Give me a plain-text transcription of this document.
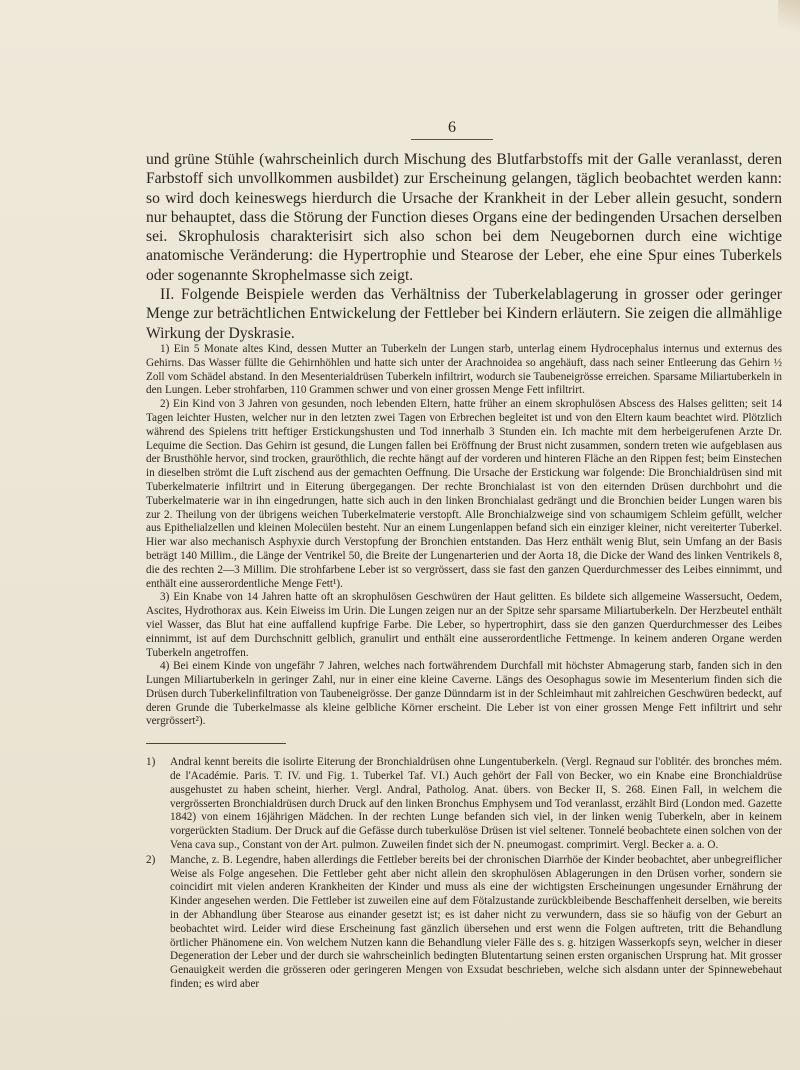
6

und grüne Stühle (wahrscheinlich durch Mischung des Blutfarbstoffs mit der Galle veranlasst, deren Farbstoff sich unvollkommen ausbildet) zur Erscheinung gelangen, täglich beobachtet werden kann: so wird doch keineswegs hierdurch die Ursache der Krankheit in der Leber allein gesucht, sondern nur behauptet, dass die Störung der Function dieses Organs eine der bedingenden Ursachen derselben sei. Skrophulosis charakterisirt sich also schon bei dem Neugebornen durch eine wichtige anatomische Veränderung: die Hypertrophie und Stearose der Leber, ehe eine Spur eines Tuberkels oder sogenannte Skrophelmasse sich zeigt.

II. Folgende Beispiele werden das Verhältniss der Tuberkelablagerung in grosser oder geringer Menge zur beträchtlichen Entwickelung der Fettleber bei Kindern erläutern. Sie zeigen die allmählige Wirkung der Dyskrasie.

1) Ein 5 Monate altes Kind, dessen Mutter an Tuberkeln der Lungen starb, unterlag einem Hydrocephalus internus und externus des Gehirns. Das Wasser füllte die Gehirnhöhlen und hatte sich unter der Arachnoidea so angehäuft, dass nach seiner Entleerung das Gehirn ½ Zoll vom Schädel abstand. In den Mesenterialdrüsen Tuberkeln infiltrirt, wodurch sie Taubeneigrösse erreichen. Sparsame Miliartuberkeln in den Lungen. Leber strohfarben, 110 Grammen schwer und von einer grossen Menge Fett infiltrirt.

2) Ein Kind von 3 Jahren von gesunden, noch lebenden Eltern, hatte früher an einem skrophulösen Abscess des Halses gelitten; seit 14 Tagen leichter Husten, welcher nur in den letzten zwei Tagen von Erbrechen begleitet ist und von den Eltern kaum beachtet wird. Plötzlich während des Spielens tritt heftiger Erstickungshusten und Tod innerhalb 3 Stunden ein. Ich machte mit dem herbeigerufenen Arzte Dr. Lequime die Section. Das Gehirn ist gesund, die Lungen fallen bei Eröffnung der Brust nicht zusammen, sondern treten wie aufgeblasen aus der Brusthöhle hervor, sind trocken, grauröthlich, die rechte hängt auf der vorderen und hinteren Fläche an den Rippen fest; beim Einstechen in dieselben strömt die Luft zischend aus der gemachten Oeffnung. Die Ursache der Erstickung war folgende: Die Bronchialdrüsen sind mit Tuberkelmaterie infiltrirt und in Eiterung übergegangen. Der rechte Bronchialast ist von den eiternden Drüsen durchbohrt und die Tuberkelmaterie war in ihn eingedrungen, hatte sich auch in den linken Bronchialast gedrängt und die Bronchien beider Lungen waren bis zur 2. Theilung von der übrigens weichen Tuberkelmaterie verstopft. Alle Bronchialzweige sind von schaumigem Schleim gefüllt, welcher aus Epithelialzellen und kleinen Molecülen besteht. Nur an einem Lungenlappen befand sich ein einziger kleiner, nicht vereiterter Tuberkel. Hier war also mechanisch Asphyxie durch Verstopfung der Bronchien entstanden. Das Herz enthält wenig Blut, sein Umfang an der Basis beträgt 140 Millim., die Länge der Ventrikel 50, die Breite der Lungenarterien und der Aorta 18, die Dicke der Wand des linken Ventrikels 8, die des rechten 2—3 Millim. Die strohfarbene Leber ist so vergrössert, dass sie fast den ganzen Querdurchmesser des Leibes einnimmt, und enthält eine ausserordentliche Menge Fett¹).

3) Ein Knabe von 14 Jahren hatte oft an skrophulösen Geschwüren der Haut gelitten. Es bildete sich allgemeine Wassersucht, Oedem, Ascites, Hydrothorax aus. Kein Eiweiss im Urin. Die Lungen zeigen nur an der Spitze sehr sparsame Miliartuberkeln. Der Herzbeutel enthält viel Wasser, das Blut hat eine auffallend kupfrige Farbe. Die Leber, so hypertrophirt, dass sie den ganzen Querdurchmesser des Leibes einnimmt, ist auf dem Durchschnitt gelblich, granulirt und enthält eine ausserordentliche Fettmenge. In keinem anderen Organe werden Tuberkeln angetroffen.

4) Bei einem Kinde von ungefähr 7 Jahren, welches nach fortwährendem Durchfall mit höchster Abmagerung starb, fanden sich in den Lungen Miliartuberkeln in geringer Zahl, nur in einer eine kleine Caverne. Längs des Oesophagus sowie im Mesenterium finden sich die Drüsen durch Tuberkelinfiltration von Taubeneigrösse. Der ganze Dünndarm ist in der Schleimhaut mit zahlreichen Geschwüren bedeckt, auf deren Grunde die Tuberkelmasse als kleine gelbliche Körner erscheint. Die Leber ist von einer grossen Menge Fett infiltrirt und sehr vergrössert²).

1)	Andral kennt bereits die isolirte Eiterung der Bronchialdrüsen ohne Lungentuberkeln. (Vergl. Regnaud sur l'oblitér. des bronches mém. de l'Académie. Paris. T. IV. und Fig. 1. Tuberkel Taf. VI.) Auch gehört der Fall von Becker, wo ein Knabe eine Bronchialdrüse ausgehustet zu haben scheint, hierher. Vergl. Andral, Patholog. Anat. übers. von Becker II, S. 268. Einen Fall, in welchem die vergrösserten Bronchialdrüsen durch Druck auf den linken Bronchus Emphysem und Tod veranlasst, erzählt Bird (London med. Gazette 1842) von einem 16jährigen Mädchen. In der rechten Lunge befanden sich viel, in der linken wenig Tuberkeln, aber in keinem vorgerückten Stadium. Der Druck auf die Gefässe durch tuberkulöse Drüsen ist viel seltener. Tonnelé beobachtete einen solchen von der Vena cava sup., Constant von der Art. pulmon. Zuweilen findet sich der N. pneumogast. comprimirt. Vergl. Becker a. a. O.
2)	Manche, z. B. Legendre, haben allerdings die Fettleber bereits bei der chronischen Diarrhöe der Kinder beobachtet, aber unbegreiflicher Weise als Folge angesehen. Die Fettleber geht aber nicht allein den skrophulösen Ablagerungen in den Drüsen vorher, sondern sie coincidirt mit vielen anderen Krankheiten der Kinder und muss als eine der wichtigsten Erscheinungen ungesunder Ernährung der Kinder angesehen werden. Die Fettleber ist zuweilen eine auf dem Fötalzustande zurückbleibende Beschaffenheit derselben, wie bereits in der Abhandlung über Stearose aus einander gesetzt ist; es ist daher nicht zu verwundern, dass sie so häufig von der Geburt an beobachtet wird. Leider wird diese Erscheinung fast gänzlich übersehen und erst wenn die Folgen auftreten, tritt die Behandlung örtlicher Phänomene ein. Von welchem Nutzen kann die Behandlung vieler Fälle des s. g. hitzigen Wasserkopfs seyn, welcher in dieser Degeneration der Leber und der durch sie wahrscheinlich bedingten Blutentartung seinen ersten organischen Ursprung hat. Mit grosser Genauigkeit werden die grösseren oder geringeren Mengen von Exsudat beschrieben, welche sich alsdann unter der Spinnewebehaut finden; es wird aber
